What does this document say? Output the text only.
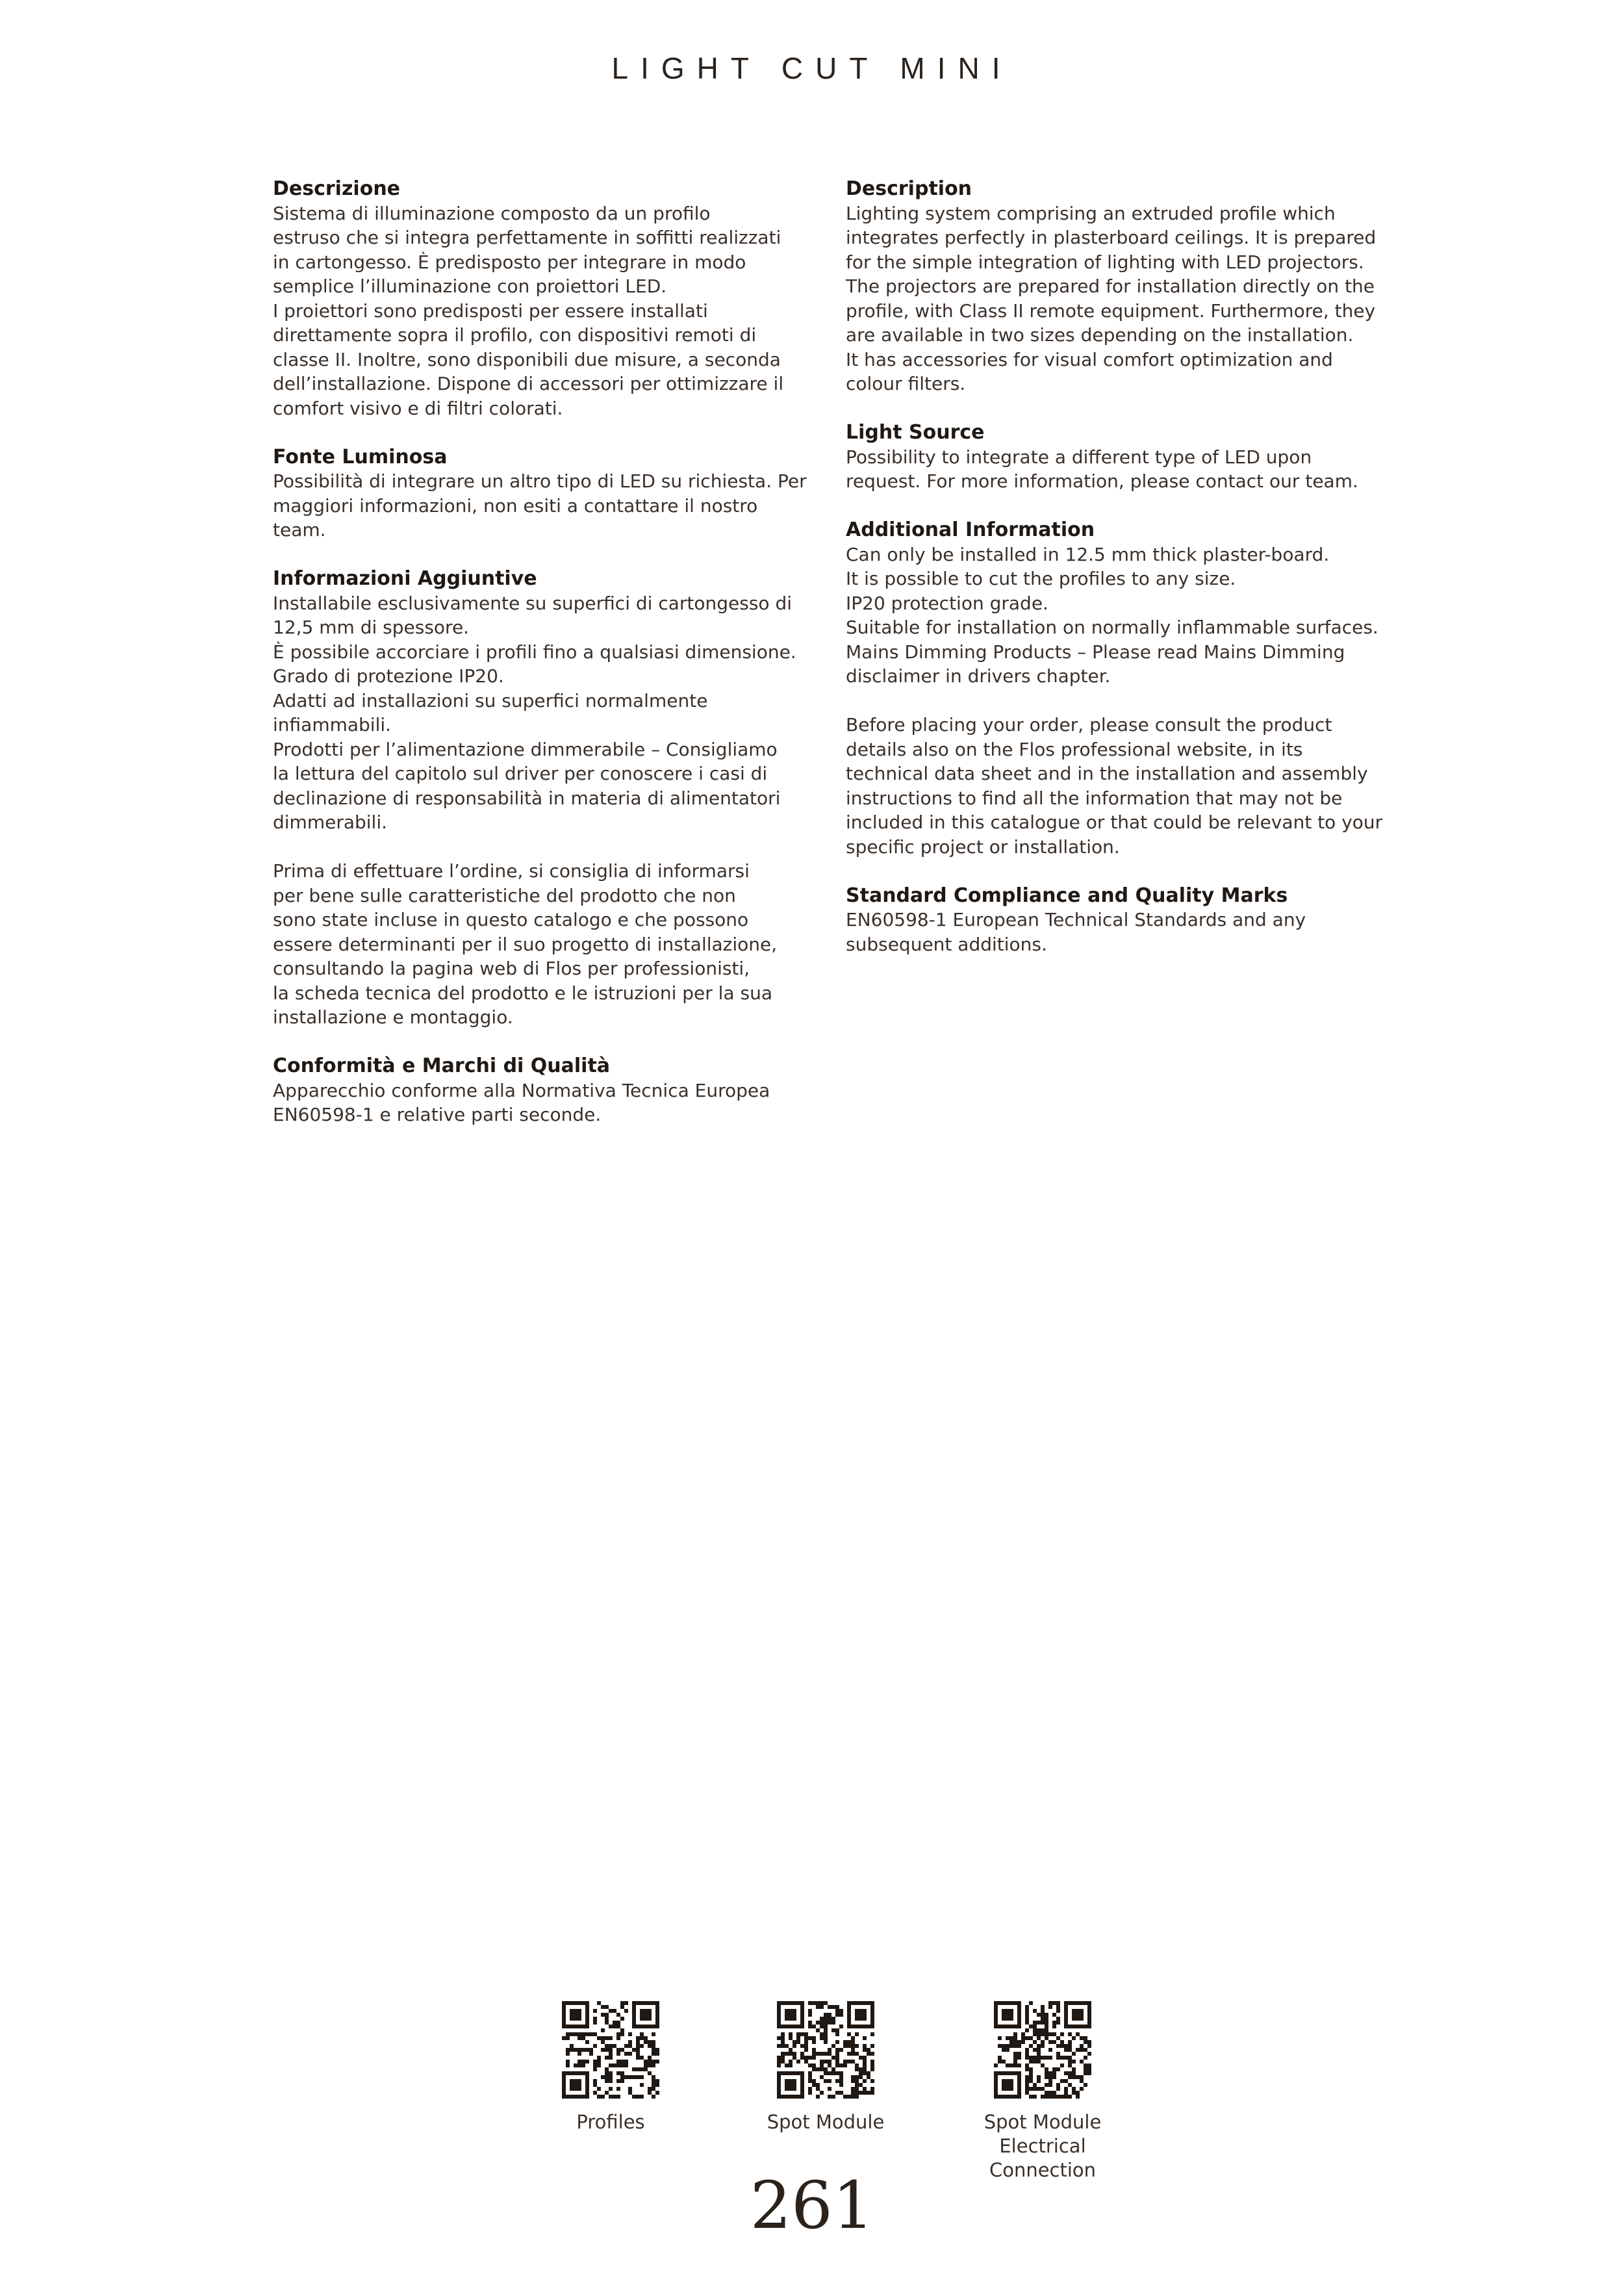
LIGHT CUT MINI
Descrizione

Sistema di illuminazione composto da un profilo
estruso che si integra perfettamente in soffitti realizzati
in cartongesso. È predisposto per integrare in modo
semplice l’illuminazione con proiettori LED.
I proiettori sono predisposti per essere installati
direttamente sopra il profilo, con dispositivi remoti di
classe II. Inoltre, sono disponibili due misure, a seconda
dell’installazione. Dispone di accessori per ottimizzare il
comfort visivo e di filtri colorati.

Fonte Luminosa

Possibilità di integrare un altro tipo di LED su richiesta. Per
maggiori informazioni, non esiti a contattare il nostro team.

Informazioni Aggiuntive

Installabile esclusivamente su superfici di cartongesso di
12,5 mm di spessore.
È possibile accorciare i profili fino a qualsiasi dimensione.
Grado di protezione IP20.
Adatti ad installazioni su superfici normalmente
infiammabili.
Prodotti per l’alimentazione dimmerabile – Consigliamo
la lettura del capitolo sul driver per conoscere i casi di
declinazione di responsabilità in materia di alimentatori
dimmerabili.

Prima di effettuare l’ordine, si consiglia di informarsi
per bene sulle caratteristiche del prodotto che non
sono state incluse in questo catalogo e che possono
essere determinanti per il suo progetto di installazione,
consultando la pagina web di Flos per professionisti,
la scheda tecnica del prodotto e le istruzioni per la sua
installazione e montaggio.

Conformità e Marchi di Qualità

Apparecchio conforme alla Normativa Tecnica Europea
EN60598-1 e relative parti seconde.

Description

Lighting system comprising an extruded profile which
integrates perfectly in plasterboard ceilings. It is prepared
for the simple integration of lighting with LED projectors.
The projectors are prepared for installation directly on the
profile, with Class II remote equipment. Furthermore, they
are available in two sizes depending on the installation.
It has accessories for visual comfort optimization and
colour filters.

Light Source

Possibility to integrate a different type of LED upon
request. For more information, please contact our team.

Additional Information

Can only be installed in 12.5 mm thick plaster-board.
It is possible to cut the profiles to any size.
IP20 protection grade.
Suitable for installation on normally inflammable surfaces.
Mains Dimming Products – Please read Mains Dimming
disclaimer in drivers chapter.

Before placing your order, please consult the product
details also on the Flos professional website, in its
technical data sheet and in the installation and assembly
instructions to find all the information that may not be
included in this catalogue or that could be relevant to your
specific project or installation.

Standard Compliance and Quality Marks

EN60598-1 European Technical Standards and any
subsequent additions.

Profiles	Spot Module	Spot Module
Electrical
Connection
261
